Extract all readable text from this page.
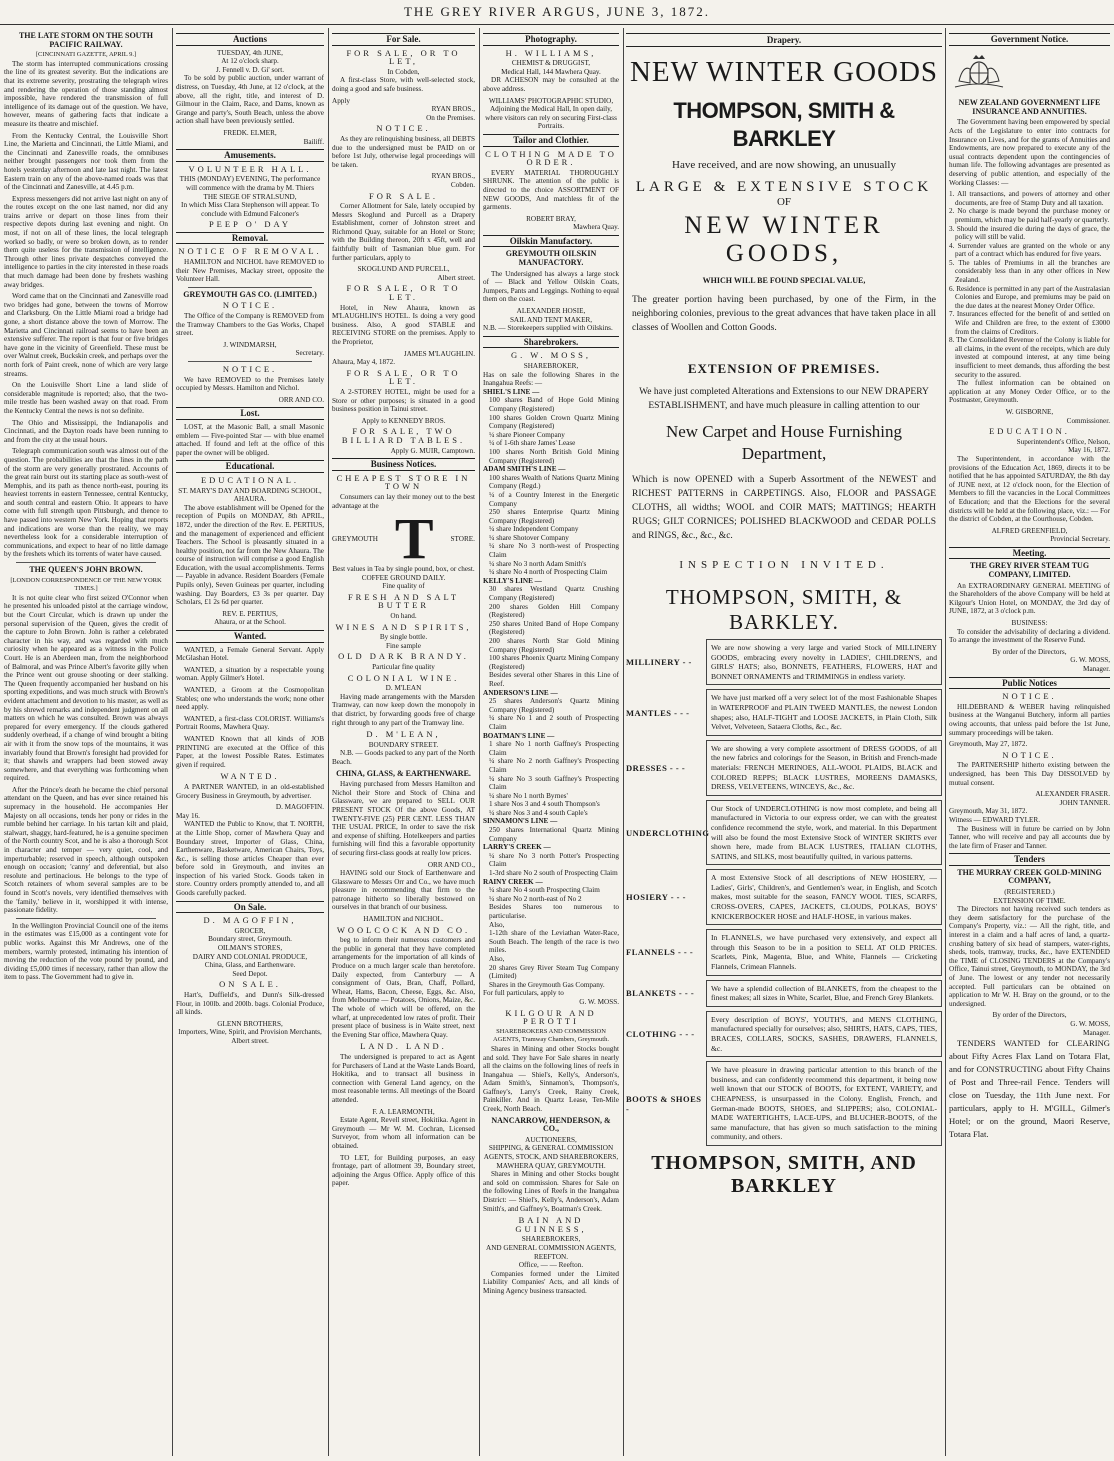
THE GREY RIVER ARGUS, JUNE 3, 1872.
THE LATE STORM ON THE SOUTH PACIFIC RAILWAY.
[CINCINNATI GAZETTE, APRIL 9.]

The storm has interrupted communications crossing the line of its greatest severity. But the indications are that its extreme severity, prostrating the telegraph wires and rendering the operation of those standing almost impossible, have rendered the transmission of full intelligence of its damage out of the question. We have, however, means of gathering facts that indicate a measure its theatre and mischief.

From the Kentucky Central, the Louisville Short Line, the Marietta and Cincinnati, the Little Miami, and the Cincinnati and Zanesville roads, the omnibuses neither brought passengers nor took them from the hotels yesterday afternoon and late last night. The latest Eastern train on any of the above-named roads was that of the Cincinnati and Zanesville, at 4.45 p.m.

Express messengers did not arrive last night on any of the routes except on the one last named, nor did any trains arrive or depart on those lines from their respective depots during last evening and night. On most, if not on all of these lines, the local telegraph worked so badly, or were so broken down, as to render them quite useless for the transmission of intelligence. Through other lines private despatches conveyed the intelligence to parties in the city interested in these roads that much damage had been done by freshets washing away bridges.

Word came that on the Cincinnati and Zanesville road two bridges had gone, between the towns of Morrow and Clarksburg. On the Little Miami road a bridge had gone, a short distance above the town of Morrow. The Marietta and Cincinnati railroad seems to have been an extensive sufferer. The report is that four or five bridges have gone in the vicinity of Greenfield. These must be over Walnut creek, Buckskin creek, and perhaps over the north fork of Paint creek, none of which are very large streams.

On the Louisville Short Line a land slide of considerable magnitude is reported; also, that the two-mile trestle has been washed away on that road. From the Kentucky Central the news is not so definite.

The Ohio and Mississippi, the Indianapolis and Cincinnati, and the Dayton roads have been running to and from the city at the usual hours.

Telegraph communication south was almost out of the question. The probabilities are that the lines in the path of the storm are very generally prostrated. Accounts of the great rain burst out its starting place as south-west of Memphis, and its path as thence north-east, pouring its heaviest torrents in eastern Tennessee, central Kentucky, and south central and eastern Ohio. It appears to have come with full strength upon Pittsburgh, and thence to have passed into western New York. Hoping that reports and indications are worse than the reality, we may nevertheless look for a considerable interruption of communications, and expect to hear of no little damage by the freshets which its torrents of water have caused.

THE QUEEN'S JOHN BROWN.
[LONDON CORRESPONDENCE OF THE NEW YORK TIMES.]

It is not quite clear who first seized O'Connor when he presented his unloaded pistol at the carriage window, but the Court Circular, which is drawn up under the personal supervision of the Queen, gives the credit of the capture to John Brown. John is rather a celebrated character in his way, and was regarded with much curiosity when he appeared as a witness in the Police Court. He is an Aberdeen man, from the neighborhood of Balmoral, and was Prince Albert's favorite gilly when the Prince went out grouse shooting or deer stalking. The Queen frequently accompanied her husband on his sporting expeditions, and was much struck with Brown's evident attachment and devotion to his master, as well as by his shrewd remarks and independent judgment on all matters on which he was consulted. Brown was always prepared for every emergency. If the clouds gathered suddenly overhead, if a change of wind brought a biting air with it from the snow tops of the mountains, it was invariably found that Brown's foresight had provided for it; that shawls and wrappers had been stowed away somewhere, and that everything was forthcoming when required.

After the Prince's death he became the chief personal attendant on the Queen, and has ever since retained his supremacy in the household. He accompanies Her Majesty on all occasions, tends her pony or rides in the rumble behind her carriage. In his tartan kilt and plaid, stalwart, shaggy, hard-featured, he is a genuine specimen of the North country Scot, and he is also a thorough Scot in character and temper — very quiet, cool, and imperturbable; reserved in speech, although outspoken enough on occasion; 'canny' and deferential, but also resolute and pertinacious. He belongs to the type of Scotch retainers of whom several samples are to be found in Scott's novels, very identified themselves with the 'family,' believe in it, worshipped it with intense, passionate fidelity.

In the Wellington Provincial Council one of the items in the estimates was £15,000 as a contingent vote for public works. Against this Mr Andrews, one of the members, warmly protested, intimating his intention of moving the reduction of the vote pound by pound, and dividing £5,000 times if necessary, rather than allow the item to pass. The Government had to give in.

Auctions
TUESDAY, 4th JUNE,
At 12 o'clock sharp.
J. Fennell v. D. Gi' sort.

To be sold by public auction, under warrant of distress, on Tuesday, 4th June, at 12 o'clock, at the above, all the right, title, and interest of D. Gilmour in the Claim, Race, and Dams, known as Grange and party's, South Beach, unless the above action shall have been previously settled.

FREDK. ELMER,
Bailiff.
Amusements.
VOLUNTEER HALL.
THIS (MONDAY) EVENING, The performance will commence with the drama by M. Thiers
THE SIEGE OF STRALSUND,
In which Miss Clara Stephenson will appear. To conclude with Edmund Falconer's
PEEP O' DAY
Removal.
NOTICE OF REMOVAL.

HAMILTON and NICHOL have REMOVED to their New Premises, Mackay street, opposite the Volunteer Hall.

GREYMOUTH GAS CO. (LIMITED.)
NOTICE.

The Office of the Company is REMOVED from the Tramway Chambers to the Gas Works, Chapel street.

J. WINDMARSH,
Secretary.
NOTICE.

We have REMOVED to the Premises lately occupied by Messrs. Hamilton and Nichol.

ORR AND CO.
Lost.

LOST, at the Masonic Ball, a small Masonic emblem — Five-pointed Star — with blue enamel attached. If found and left at the office of this paper the owner will be obliged.

Educational.
EDUCATIONAL.
ST. MARY'S DAY AND BOARDING SCHOOL,
AHAURA.

The above establishment will be Opened for the reception of Pupils on MONDAY, 8th APRIL, 1872, under the direction of the Rev. E. PERTIUS, and the management of experienced and efficient Teachers. The School is pleasantly situated in a healthy position, not far from the New Ahaura. The course of instruction will comprise a good English Education, with the usual accomplishments. Terms — Payable in advance. Resident Boarders (Female Pupils only), Seven Guineas per quarter, including washing. Day Boarders, £3 3s per quarter. Day Scholars, £1 2s 6d per quarter.

REV. E. PERTIUS,
Ahaura, or at the School.
Wanted.

WANTED, a Female General Servant. Apply McGlashan Hotel.

WANTED, a situation by a respectable young woman. Apply Gilmer's Hotel.

WANTED, a Groom at the Cosmopolitan Stables; one who understands the work; none other need apply.

WANTED, a first-class COLORIST. Williams's Portrait Rooms, Mawhera Quay.

WANTED Known that all kinds of JOB PRINTING are executed at the Office of this Paper, at the lowest Possible Rates. Estimates given if required.

WANTED.

A PARTNER WANTED, in an old-established Grocery Business in Greymouth, by advertiser.

D. MAGOFFIN.
May 16.

WANTED the Public to Know, that T. NORTH, at the Little Shop, corner of Mawhera Quay and Boundary street, Importer of Glass, China, Earthenware, Basketware, American Chairs, Toys, &c., is selling those articles Cheaper than ever before sold in Greymouth, and invites an inspection of his varied Stock. Goods taken in store. Country orders promptly attended to, and all Goods carefully packed.

On Sale.
D. MAGOFFIN,
GROCER,
Boundary street, Greymouth.
OILMAN'S STORES,
DAIRY AND COLONIAL PRODUCE,
China, Glass, and Earthenware.
Seed Depot.
ON SALE.

Hart's, Duffield's, and Dunn's Silk-dressed Flour, in 100lb. and 200lb. bags. Colonial Produce, all kinds.

GLENN BROTHERS,
Importers, Wine, Spirit, and Provision Merchants, Albert street.
For Sale.
FOR SALE, OR TO LET,
In Cobden,

A first-class Store, with well-selected stock, doing a good and safe business.

Apply
RYAN BROS.,
On the Premises.
NOTICE.

As they are relinquishing business, all DEBTS due to the undersigned must be PAID on or before 1st July, otherwise legal proceedings will be taken.

RYAN BROS.,
Cobden.
FOR SALE.

Corner Allotment for Sale, lately occupied by Messrs Skoglund and Purcell as a Drapery Establishment, corner of Johnston street and Richmond Quay, suitable for an Hotel or Store; with the Building thereon, 20ft x 45ft, well and faithfully built of Tasmanian blue gum. For further particulars, apply to

SKOGLUND AND PURCELL,
Albert street.
FOR SALE, OR TO LET.

Hotel, in New Ahaura, known as M'LAUGHLIN'S HOTEL. Is doing a very good business. Also, A good STABLE and RECEIVING STORE on the premises. Apply to the Proprietor,

JAMES M'LAUGHLIN.
Ahaura, May 4, 1872.
FOR SALE, OR TO LET.

A 2-STOREY HOTEL, might be used for a Store or other purposes; is situated in a good business position in Tainui street.

Apply to KENNEDY BROS.
FOR SALE, TWO BILLIARD TABLES.
Apply G. MUIR, Camptown.
Business Notices.
CHEAPEST STORE IN TOWN

Consumers can lay their money out to the best advantage at the

GREYMOUTH T STORE.
Best values in Tea by single pound, box, or chest.
COFFEE GROUND DAILY.
Fine quality of
FRESH AND SALT BUTTER
On hand.
WINES AND SPIRITS,
By single bottle.
Fine sample
OLD DARK BRANDY.
Particular fine quality
COLONIAL WINE.
D. M'LEAN

Having made arrangements with the Marsden Tramway, can now keep down the monopoly in that district, by forwarding goods free of charge right through to any part of the Tramway line.

D. M'LEAN,
BOUNDARY STREET.

N.B. — Goods packed to any part of the North Beach.

CHINA, GLASS, & EARTHENWARE.

Having purchased from Messrs Hamilton and Nichol their Store and Stock of China and Glassware, we are prepared to SELL OUR PRESENT STOCK Of the above Goods, AT TWENTY-FIVE (25) PER CENT. LESS THAN THE USUAL PRICE, In order to save the risk and expense of shifting. Hotelkeepers and parties furnishing will find this a favorable opportunity of securing first-class goods at really low prices.

ORR AND CO.,

HAVING sold our Stock of Earthenware and Glassware to Messrs Orr and Co., we have much pleasure in recommending that firm to the patronage hitherto so liberally bestowed on ourselves in that branch of our business.

HAMILTON and NICHOL.
WOOLCOCK AND CO.

beg to inform their numerous customers and the public in general that they have completed arrangements for the importation of all kinds of Produce on a much larger scale than heretofore. Daily expected, from Canterbury — A consignment of Oats, Bran, Chaff, Pollard, Wheat, Hams, Bacon, Cheese, Eggs, &c. Also, from Melbourne — Potatoes, Onions, Maize, &c. The whole of which will be offered, on the wharf, at unprecedented low rates of profit. Their present place of business is in Waite street, next the Evening Star office, Mawhera Quay.

LAND. LAND.

The undersigned is prepared to act as Agent for Purchasers of Land at the Waste Lands Board, Hokitika, and to transact all business in connection with General Land agency, on the most reasonable terms. All meetings of the Board attended.

F. A. LEARMONTH,

Estate Agent, Revell street, Hokitika. Agent in Greymouth — Mr W. M. Cochran, Licensed Surveyor, from whom all information can be obtained.

TO LET, for Building purposes, an easy frontage, part of allotment 39, Boundary street, adjoining the Argus Office. Apply office of this paper.

Photography.
H. WILLIAMS,
CHEMIST & DRUGGIST,
Medical Hall, 144 Mawhera Quay.

DR ACHESON may be consulted at the above address.

WILLIAMS' PHOTOGRAPHIC STUDIO,
Adjoining the Medical Hall, In open daily, where visitors can rely on securing First-class Portraits.
Tailor and Clothier.
CLOTHING MADE TO ORDER.

EVERY MATERIAL THOROUGHLY SHRUNK. The attention of the public is directed to the choice ASSORTMENT OF NEW GOODS, And matchless fit of the garments.

ROBERT BRAY,
Mawhera Quay.
Oilskin Manufactory.
GREYMOUTH OILSKIN MANUFACTORY.

The Undersigned has always a large stock of — Black and Yellow Oilskin Coats, Jumpers, Pants and Leggings. Nothing to equal them on the coast.

ALEXANDER HOSIE,
SAIL AND TENT MAKER,
N.B. — Storekeepers supplied with Oilskins.
Sharebrokers.
G. W. MOSS,
SHAREBROKER,
Has on sale the following Shares in the Inangahua Reefs: —
SHIEL'S LINE —
100 shares Band of Hope Gold Mining Company (Registered)
100 shares Golden Crown Quartz Mining Company (Registered)
¼ share Pioneer Company
¼ of 1-6th share James' Lease
100 shares North British Gold Mining Company (Registered)
ADAM SMITH'S LINE —
100 shares Wealth of Nations Quartz Mining Company (Regd.)
¼ of a Country Interest in the Energetic Company
250 shares Enterprise Quartz Mining Company (Registered)
¼ share Independent Company
¼ share Shotover Company
¼ share No 3 north-west of Prospecting Claim
¼ share No 3 north Adam Smith's
¼ share No 4 north of Prospecting Claim
KELLY'S LINE —
30 shares Westland Quartz Crushing Company (Registered)
200 shares Golden Hill Company (Registered)
250 shares United Band of Hope Company (Registered)
200 shares North Star Gold Mining Company (Registered)
100 shares Phoenix Quartz Mining Company (Registered)
Besides several other Shares in this Line of Reef.
ANDERSON'S LINE —
25 shares Anderson's Quartz Mining Company (Registered)
¼ share No 1 and 2 south of Prospecting Claim
BOATMAN'S LINE —
1 share No 1 north Gaffney's Prospecting Claim
¼ share No 2 north Gaffney's Prospecting Claim
¼ share No 3 south Gaffney's Prospecting Claim
¼ share No 1 north Byrnes'
1 share Nos 3 and 4 south Thompson's
¼ share Nos 3 and 4 south Caple's
SINNAMON'S LINE —
250 shares International Quartz Mining Company
LARRY'S CREEK —
¼ share No 3 north Potter's Prospecting Claim
1-3rd share No 2 south of Prospecting Claim
RAINY CREEK —
¼ share No 4 south Prospecting Claim
¼ share No 2 north-east of No 2
Besides Shares too numerous to particularise.
Also,
1-12th share of the Leviathan Water-Race, South Beach. The length of the race is two miles.
Also,
20 shares Grey River Steam Tug Company (Limited)
Shares in the Greymouth Gas Company.
For full particulars, apply to
G. W. MOSS.
KILGOUR AND PEROTTI
SHAREBROKERS AND COMMISSION AGENTS, Tramway Chambers, Greymouth.

Shares in Mining and other Stocks bought and sold. They have For Sale shares in nearly all the claims on the following lines of reefs in Inangahua — Shiel's, Kelly's, Anderson's, Adam Smith's, Sinnamon's, Thompson's, Gaffney's, Larry's Creek, Rainy Creek, Painkiller. And in Quartz Lease, Ten-Mile Creek, North Beach.

NANCARROW, HENDERSON, & CO.,
AUCTIONEERS,
SHIPPING, & GENERAL COMMISSION AGENTS, STOCK, AND SHAREBROKERS,
MAWHERA QUAY, GREYMOUTH.

Shares in Mining and other Stocks bought and sold on commission. Shares for Sale on the following Lines of Reefs in the Inangahua District: — Shiel's, Kelly's, Anderson's, Adam Smith's, and Gaffney's, Boatman's Creek.

BAIN AND GUINNESS,
SHAREBROKERS,
AND GENERAL COMMISSION AGENTS,
REEFTON.
Office, — — Reefton.

Companies formed under the Limited Liability Companies' Acts, and all kinds of Mining Agency business transacted.

Drapery.
NEW WINTER GOODS
THOMPSON, SMITH & BARKLEY
Have received, and are now showing, an unusually
LARGE & EXTENSIVE STOCK
OF
NEW WINTER GOODS,
WHICH WILL BE FOUND SPECIAL VALUE,
The greater portion having been purchased, by one of the Firm, in the neighboring colonies, previous to the great advances that have taken place in all classes of Woollen and Cotton Goods.
EXTENSION OF PREMISES.
We have just completed Alterations and Extensions to our NEW DRAPERY ESTABLISHMENT, and have much pleasure in calling attention to our
New Carpet and House Furnishing Department,
Which is now OPENED with a Superb Assortment of the NEWEST and RICHEST PATTERNS in CARPETINGS. Also, FLOOR and PASSAGE CLOTHS, all widths; WOOL and COIR MATS; MATTINGS; HEARTH RUGS; GILT CORNICES; POLISHED BLACKWOOD and CEDAR POLLS and RINGS, &c., &c., &c.
INSPECTION INVITED.
THOMPSON, SMITH, & BARKLEY.
MILLINERY - -
We are now showing a very large and varied Stock of MILLINERY GOODS, embracing every novelty in LADIES', CHILDREN'S, and GIRLS' HATS; also, BONNETS, FEATHERS, FLOWERS, HAT and BONNET ORNAMENTS and TRIMMINGS in endless variety.
MANTLES - - -
We have just marked off a very select lot of the most Fashionable Shapes in WATERPROOF and PLAIN TWEED MANTLES, the newest London shapes; also, HALF-TIGHT and LOOSE JACKETS, in Plain Cloth, Silk Velvet, Velveteen, Sataera Cloths, &c., &c.
DRESSES - - -
We are showing a very complete assortment of DRESS GOODS, of all the new fabrics and colorings for the Season, in British and French-made materials: FRENCH MERINOES, ALL-WOOL PLAIDS, BLACK and COLORED REPPS; BLACK LUSTRES, MOREENS DAMASKS, DRESS, VELVETEENS, WINCEYS, &c., &c.
UNDERCLOTHING
Our Stock of UNDERCLOTHING is now most complete, and being all manufactured in Victoria to our express order, we can with the greatest confidence recommend the style, work, and material. In this Department will also be found the most Extensive Stock of WINTER SKIRTS ever shown here, made from BLACK LUSTRES, ITALIAN CLOTHS, SATINS, and SILKS, most beautifully quilted, in various patterns.
HOSIERY - - -
A most Extensive Stock of all descriptions of NEW HOSIERY, — Ladies', Girls', Children's, and Gentlemen's wear, in English, and Scotch makes, most suitable for the season, FANCY WOOL TIES, SCARFS, CROSS-OVERS, CAPES, JACKETS, CLOUDS, POLKAS, BOYS' KNICKERBOCKER HOSE and HALF-HOSE, in various makes.
FLANNELS - - -
In FLANNELS, we have purchased very extensively, and expect all through this Season to be in a position to SELL AT OLD PRICES. Scarlets, Pink, Magenta, Blue, and White, Flannels — Cricketing Flannels, Crimean Flannels.
BLANKETS - - -
We have a splendid collection of BLANKETS, from the cheapest to the finest makes; all sizes in White, Scarlet, Blue, and French Grey Blankets.
CLOTHING - - -
Every description of BOYS', YOUTH'S, and MEN'S CLOTHING, manufactured specially for ourselves; also, SHIRTS, HATS, CAPS, TIES, BRACES, COLLARS, SOCKS, SASHES, DRAWERS, FLANNELS, &c.
BOOTS & SHOES -
We have pleasure in drawing particular attention to this branch of the business, and can confidently recommend this department, it being now well known that our STOCK of BOOTS, for EXTENT, VARIETY, and CHEAPNESS, is unsurpassed in the Colony. English, French, and German-made BOOTS, SHOES, and SLIPPERS; also, COLONIAL-MADE WATERTIGHTS, LACE-UPS, and BLUCHER-BOOTS, of the same manufacture, that has given so much satisfaction to the mining community, and others.
THOMPSON, SMITH, AND BARKLEY
Government Notice.
NEW ZEALAND GOVERNMENT LIFE INSURANCE AND ANNUITIES.

The Government having been empowered by special Acts of the Legislature to enter into contracts for Insurance on Lives, and for the grants of Annuities and Endowments, are now prepared to execute any of the usual contracts dependent upon the contingencies of human life. The following advantages are presented as deserving of public attention, and especially of the Working Classes: —

1. All transactions, and powers of attorney and other documents, are free of Stamp Duty and all taxation.
2. No charge is made beyond the purchase money or premium, which may be paid half-yearly or quarterly.
3. Should the insured die during the days of grace, the policy will still be valid.
4. Surrender values are granted on the whole or any part of a contract which has endured for five years.
5. The tables of Premiums in all the branches are considerably less than in any other offices in New Zealand.
6. Residence is permitted in any part of the Australasian Colonies and Europe, and premiums may be paid on the due dates at the nearest Money Order Office.
7. Insurances effected for the benefit of and settled on Wife and Children are free, to the extent of £3000 from the claims of Creditors.
8. The Consolidated Revenue of the Colony is liable for all claims, in the event of the receipts, which are duly invested at compound interest, at any time being insufficient to meet demands, thus affording the best security to the assured.

The fullest information can be obtained on application at any Money Order Office, or to the Postmaster, Greymouth.

W. GISBORNE,
Commissioner.
EDUCATION.
Superintendent's Office, Nelson,
May 16, 1872.

The Superintendent, in accordance with the provisions of the Education Act, 1869, directs it to be notified that he has appointed SATURDAY, the 8th day of JUNE next, at 12 o'clock noon, for the Election of Members to fill the vacancies in the Local Committees of Education; and that the Elections for the several districts will be held at the following place, viz.: — For the district of Cobden, at the Courthouse, Cobden.

ALFRED GREENFIELD,
Provincial Secretary.
Meeting.
THE GREY RIVER STEAM TUG COMPANY, LIMITED.

An EXTRAORDINARY GENERAL MEETING of the Shareholders of the above Company will be held at Kilgour's Union Hotel, on MONDAY, the 3rd day of JUNE, 1872, at 3 o'clock p.m.

BUSINESS:

To consider the advisability of declaring a dividend. To arrange the investment of the Reserve Fund.

By order of the Directors,
G. W. MOSS,
Manager.
Public Notices
NOTICE.

HILDEBRAND & WEBER having relinquished business at the Wanganui Butchery, inform all parties owing accounts, that unless paid before the 1st June, summary proceedings will be taken.

Greymouth, May 27, 1872.
NOTICE.

The PARTNERSHIP hitherto existing between the undersigned, has been This Day DISSOLVED by mutual consent.

ALEXANDER FRASER.
JOHN TANNER.
Greymouth, May 31, 1872.
Witness — EDWARD TYLER.

The Business will in future be carried on by John Tanner, who will receive and pay all accounts due by the late firm of Fraser and Tanner.

Tenders
THE MURRAY CREEK GOLD-MINING COMPANY,
(REGISTERED.)
EXTENSION OF TIME.

The Directors not having received such tenders as they deem satisfactory for the purchase of the Company's Property, viz.: — All the right, title, and interest in a claim and a half acres of land, a quartz-crushing battery of six head of stampers, water-rights, sheds, tools, tramway, trucks, &c., have EXTENDED the TIME of CLOSING TENDERS at the Company's Office, Tainui street, Greymouth, to MONDAY, the 3rd of June. The lowest or any tender not necessarily accepted. Full particulars can be obtained on application to Mr W. H. Bray on the ground, or to the undersigned.

By order of the Directors,
G. W. MOSS,
Manager.

TENDERS WANTED for CLEARING about Fifty Acres Flax Land on Totara Flat, and for CONSTRUCTING about Fifty Chains of Post and Three-rail Fence. Tenders will close on Tuesday, the 11th June next. For particulars, apply to H. M'GILL, Gilmer's Hotel; or on the ground, Maori Reserve, Totara Flat.
